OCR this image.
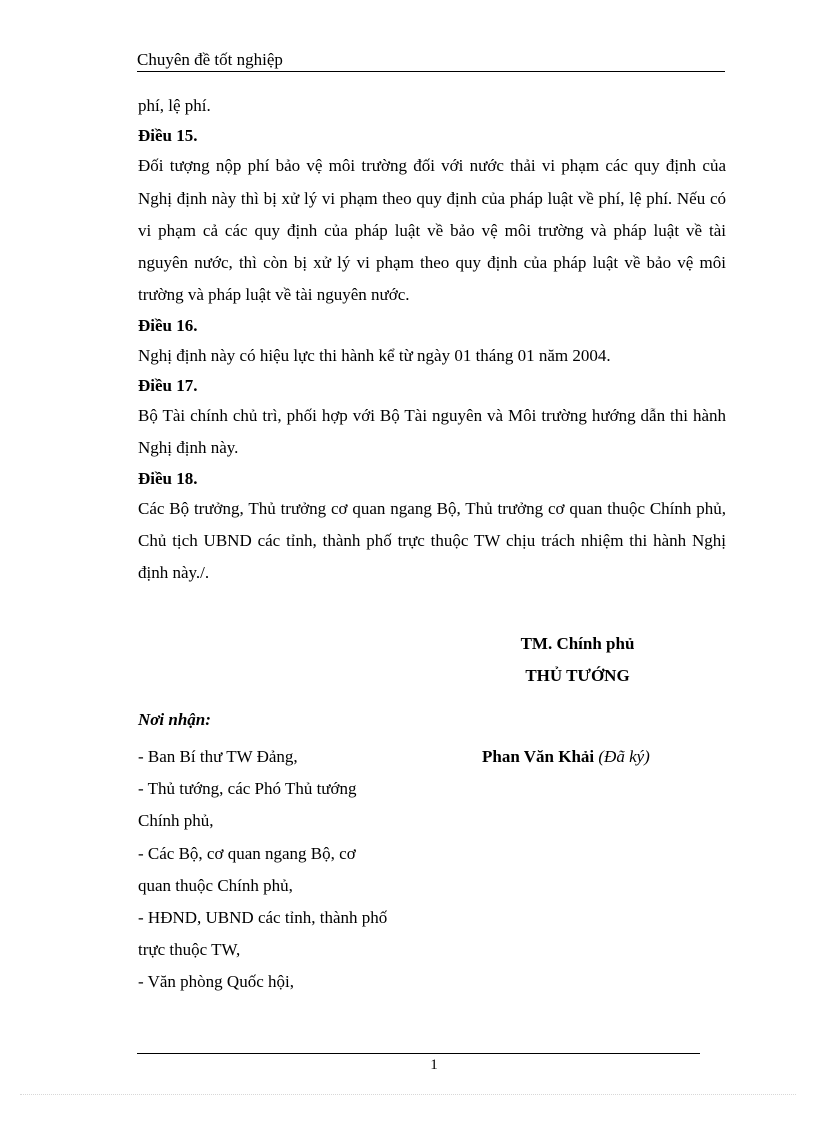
Chuyên đề tốt nghiệp

phí, lệ phí.

Điều 15.

Đối tượng nộp phí bảo vệ môi trường đối với nước thải vi phạm các quy định của Nghị định này thì bị xử lý vi phạm theo quy định của pháp luật về phí, lệ phí. Nếu có vi phạm cả các quy định của pháp luật về bảo vệ môi trường và pháp luật về tài nguyên nước, thì còn bị xử lý vi phạm theo quy định của pháp luật về bảo vệ môi trường và pháp luật về tài nguyên nước.

Điều 16.

Nghị định này có hiệu lực thi hành kể từ ngày 01 tháng 01 năm 2004.

Điều 17.

Bộ Tài chính chủ trì, phối hợp với Bộ Tài nguyên và Môi trường hướng dẫn thi hành Nghị định này.

Điều 18.

Các Bộ trưởng, Thủ trưởng cơ quan ngang Bộ, Thủ trưởng cơ quan thuộc Chính phủ, Chủ tịch UBND các tỉnh, thành phố trực thuộc TW chịu trách nhiệm thi hành Nghị định này./.

TM. Chính phủ

THỦ TƯỚNG

Nơi nhận:

- Ban Bí thư TW Đảng,

- Thủ tướng, các Phó Thủ tướng

Chính phủ,

- Các Bộ, cơ quan ngang Bộ, cơ

quan thuộc Chính phủ,

- HĐND, UBND các tỉnh, thành phố

trực thuộc TW,

- Văn phòng Quốc hội,

Phan Văn Khải (Đã ký)
1
